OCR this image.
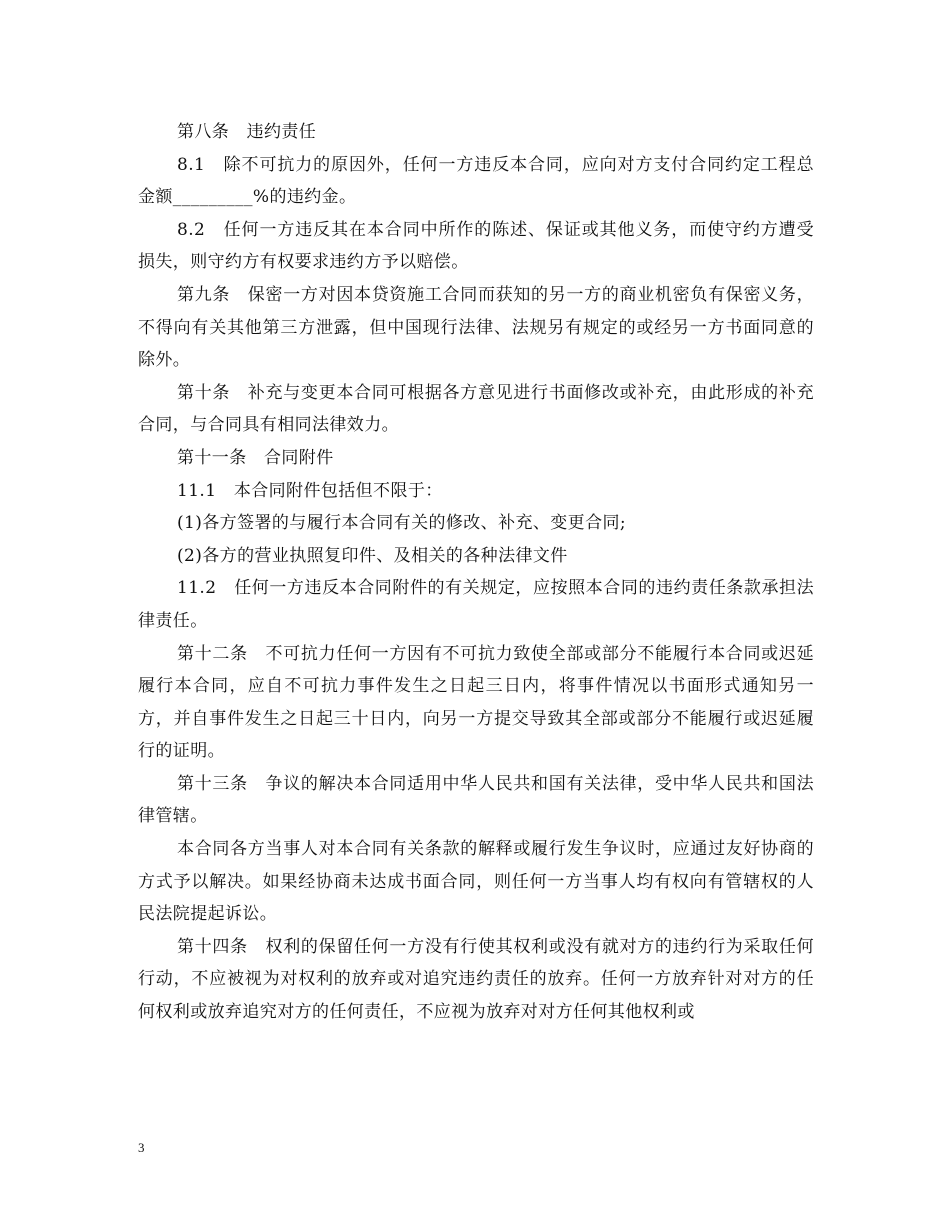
第八条　违约责任

8.1　除不可抗力的原因外，任何一方违反本合同，应向对方支付合同约定工程总金额_________%的违约金。

8.2　任何一方违反其在本合同中所作的陈述、保证或其他义务，而使守约方遭受损失，则守约方有权要求违约方予以赔偿。

第九条　保密一方对因本贷资施工合同而获知的另一方的商业机密负有保密义务，不得向有关其他第三方泄露，但中国现行法律、法规另有规定的或经另一方书面同意的除外。

第十条　补充与变更本合同可根据各方意见进行书面修改或补充，由此形成的补充合同，与合同具有相同法律效力。

第十一条　合同附件

11.1　本合同附件包括但不限于：

(1)各方签署的与履行本合同有关的修改、补充、变更合同;

(2)各方的营业执照复印件、及相关的各种法律文件

11.2　任何一方违反本合同附件的有关规定，应按照本合同的违约责任条款承担法律责任。

第十二条　不可抗力任何一方因有不可抗力致使全部或部分不能履行本合同或迟延履行本合同，应自不可抗力事件发生之日起三日内，将事件情况以书面形式通知另一方，并自事件发生之日起三十日内，向另一方提交导致其全部或部分不能履行或迟延履行的证明。

第十三条　争议的解决本合同适用中华人民共和国有关法律，受中华人民共和国法律管辖。

本合同各方当事人对本合同有关条款的解释或履行发生争议时，应通过友好协商的方式予以解决。如果经协商未达成书面合同，则任何一方当事人均有权向有管辖权的人民法院提起诉讼。

第十四条　权利的保留任何一方没有行使其权利或没有就对方的违约行为采取任何行动，不应被视为对权利的放弃或对追究违约责任的放弃。任何一方放弃针对对方的任何权利或放弃追究对方的任何责任，不应视为放弃对对方任何其他权利或

3
